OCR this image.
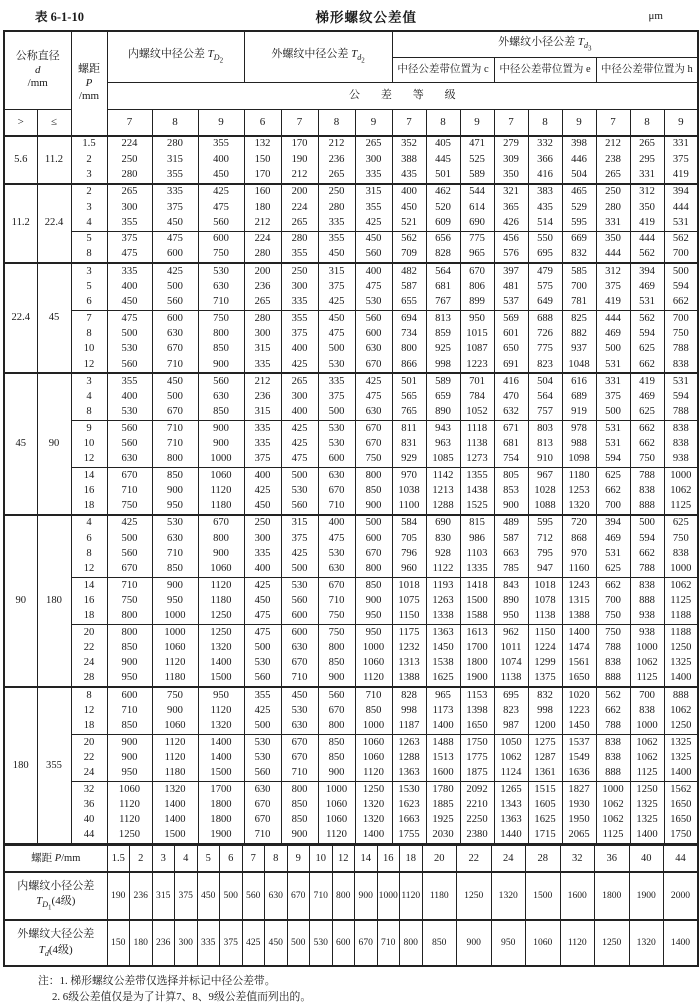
表 6-1-10	梯形螺纹公差值	μm
公称直径
d
/mm		螺距
P
/mm	内螺纹中径公差 $T_{D_2}$			外螺纹中径公差 $T_{d_2}$				外螺纹小径公差 $T_{d_3}$
										中径公差带位置为 c			中径公差带位置为 e			中径公差带位置为 h		
			公差等级															
>	≤		7	8	9	6	7	8	9	7	8	9	7	8	9	7	8	9
5.6	11.2	1.5	224	280	355	132	170	212	265	352	405	471	279	332	398	212	265	331
		2	250	315	400	150	190	236	300	388	445	525	309	366	446	238	295	375
		3	280	355	450	170	212	265	335	435	501	589	350	416	504	265	331	419
11.2	22.4	2	265	335	425	160	200	250	315	400	462	544	321	383	465	250	312	394
		3	300	375	475	180	224	280	355	450	520	614	365	435	529	280	350	444
		4	355	450	560	212	265	335	425	521	609	690	426	514	595	331	419	531
		5	375	475	600	224	280	355	450	562	656	775	456	550	669	350	444	562
		8	475	600	750	280	355	450	560	709	828	965	576	695	832	444	562	700
22.4	45	3	335	425	530	200	250	315	400	482	564	670	397	479	585	312	394	500
		5	400	500	630	236	300	375	475	587	681	806	481	575	700	375	469	594
		6	450	560	710	265	335	425	530	655	767	899	537	649	781	419	531	662
		7	475	600	750	280	355	450	560	694	813	950	569	688	825	444	562	700
		8	500	630	800	300	375	475	600	734	859	1015	601	726	882	469	594	750
		10	530	670	850	315	400	500	630	800	925	1087	650	775	937	500	625	788
		12	560	710	900	335	425	530	670	866	998	1223	691	823	1048	531	662	838
45	90	3	355	450	560	212	265	335	425	501	589	701	416	504	616	331	419	531
		4	400	500	630	236	300	375	475	565	659	784	470	564	689	375	469	594
		8	530	670	850	315	400	500	630	765	890	1052	632	757	919	500	625	788
		9	560	710	900	335	425	530	670	811	943	1118	671	803	978	531	662	838
		10	560	710	900	335	425	530	670	831	963	1138	681	813	988	531	662	838
		12	630	800	1000	375	475	600	750	929	1085	1273	754	910	1098	594	750	938
		14	670	850	1060	400	500	630	800	970	1142	1355	805	967	1180	625	788	1000
		16	710	900	1120	425	530	670	850	1038	1213	1438	853	1028	1253	662	838	1062
		18	750	950	1180	450	560	710	900	1100	1288	1525	900	1088	1320	700	888	1125
90	180	4	425	530	670	250	315	400	500	584	690	815	489	595	720	394	500	625
		6	500	630	800	300	375	475	600	705	830	986	587	712	868	469	594	750
		8	560	710	900	335	425	530	670	796	928	1103	663	795	970	531	662	838
		12	670	850	1060	400	500	630	800	960	1122	1335	785	947	1160	625	788	1000
		14	710	900	1120	425	530	670	850	1018	1193	1418	843	1018	1243	662	838	1062
		16	750	950	1180	450	560	710	900	1075	1263	1500	890	1078	1315	700	888	1125
		18	800	1000	1250	475	600	750	950	1150	1338	1588	950	1138	1388	750	938	1188
		20	800	1000	1250	475	600	750	950	1175	1363	1613	962	1150	1400	750	938	1188
		22	850	1060	1320	500	630	800	1000	1232	1450	1700	1011	1224	1474	788	1000	1250
		24	900	1120	1400	530	670	850	1060	1313	1538	1800	1074	1299	1561	838	1062	1325
		28	950	1180	1500	560	710	900	1120	1388	1625	1900	1138	1375	1650	888	1125	1400
180	355	8	600	750	950	355	450	560	710	828	965	1153	695	832	1020	562	700	888
		12	710	900	1120	425	530	670	850	998	1173	1398	823	998	1223	662	838	1062
		18	850	1060	1320	500	630	800	1000	1187	1400	1650	987	1200	1450	788	1000	1250
		20	900	1120	1400	530	670	850	1060	1263	1488	1750	1050	1275	1537	838	1062	1325
		22	900	1120	1400	530	670	850	1060	1288	1513	1775	1062	1287	1549	838	1062	1325
		24	950	1180	1500	560	710	900	1120	1363	1600	1875	1124	1361	1636	888	1125	1400
		32	1060	1320	1700	630	800	1000	1250	1530	1780	2092	1265	1515	1827	1000	1250	1562
		36	1120	1400	1800	670	850	1060	1320	1623	1885	2210	1343	1605	1930	1062	1325	1650
		40	1120	1400	1800	670	850	1060	1320	1663	1925	2250	1363	1625	1950	1062	1325	1650
		44	1250	1500	1900	710	900	1120	1400	1755	2030	2380	1440	1715	2065	1125	1400	1750
螺距 P/mm	1.5	2	3	4	5	6	7	8	9	10	12	14	16	18	20	22	24	28	32	36	40	44
内螺纹小径公差
$T_{D_1}(4$级)	190	236	315	375	450	500	560	630	670	710	800	900	1000	1120	1180	1250	1320	1500	1600	1800	1900	2000
外螺纹大径公差
$T_d(4$级)	150	180	236	300	335	375	425	450	500	530	600	670	710	800	850	900	950	1060	1120	1250	1320	1400
注：1. 梯形螺纹公差带仅选择并标记中径公差带。
2. 6级公差值仅是为了计算7、8、9级公差值而列出的。
